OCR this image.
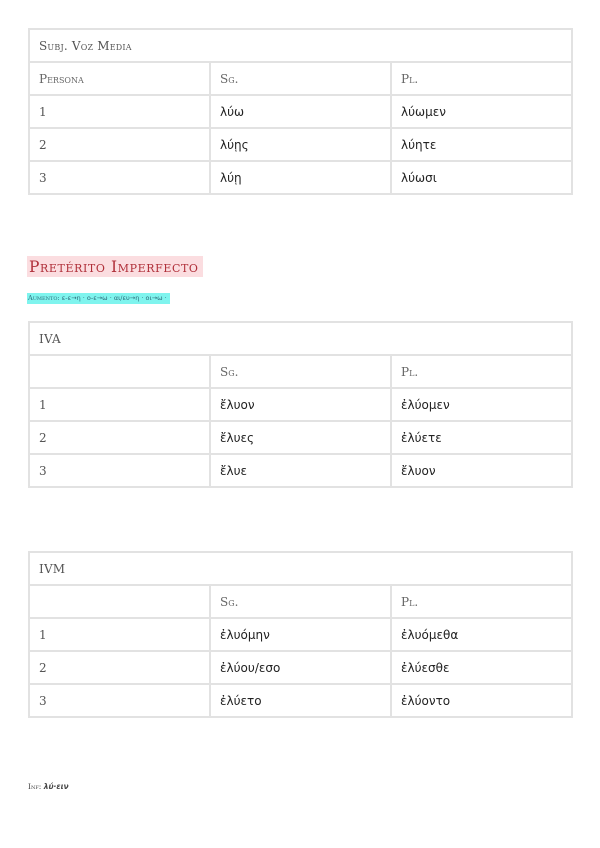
Subj. Voz Media		
Persona	Sg.	Pl.
1	λύω	λύωμεν
2	λύῃς	λύητε
3	λύῃ	λύωσι
Pretérito Imperfecto
Aumento: ε-ε→η · ο-ε→ω · αι/ευ→η · οι→ω ·
IVA		
	Sg.	Pl.
1	ἔλυον	ἐλύομεν
2	ἔλυες	ἐλύετε
3	ἔλυε	ἔλυον
IVM		
	Sg.	Pl.
1	ἐλυόμην	ἐλυόμεθα
2	ἐλύου/εσο	ἐλύεσθε
3	ἐλύετο	ἐλύοντο
Inf: λύ·ειν
